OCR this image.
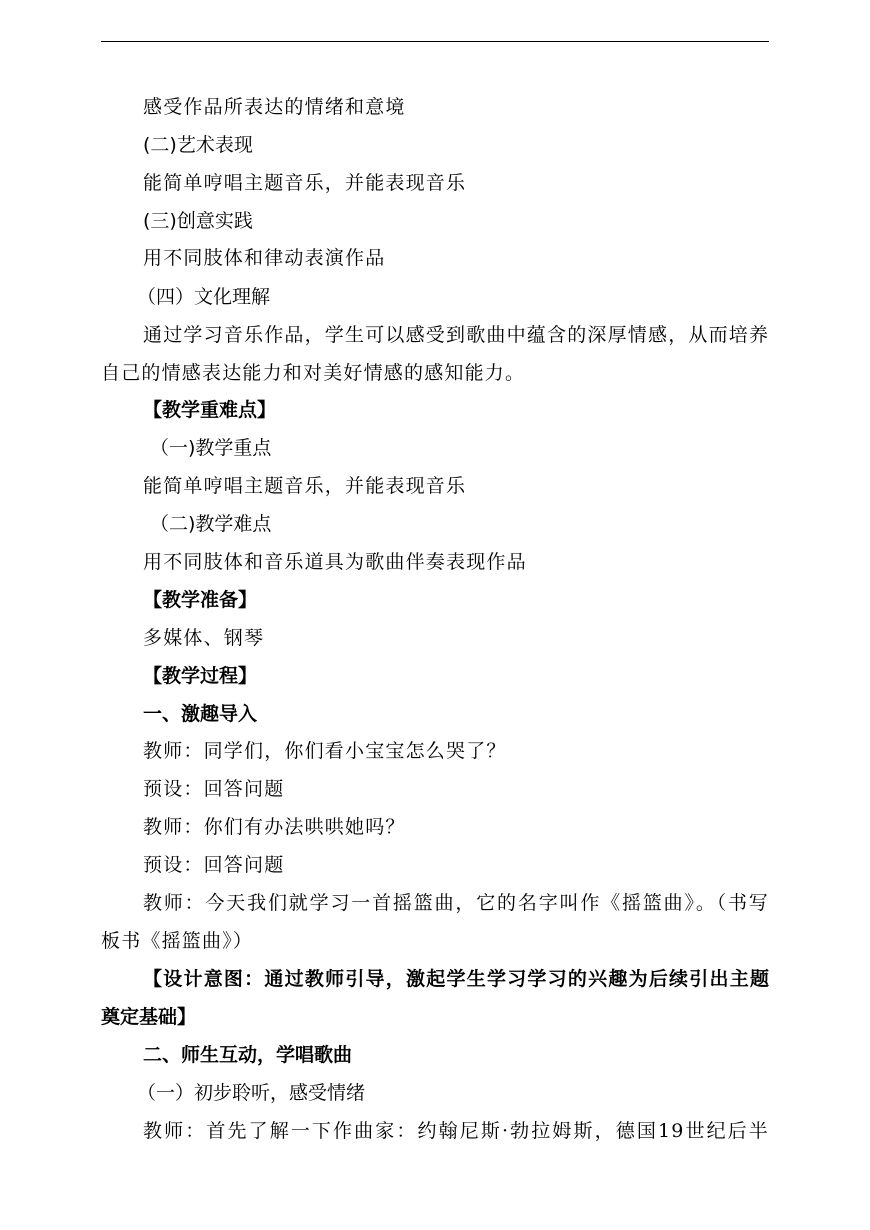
感受作品所表达的情绪和意境
(二)艺术表现
能简单哼唱主题音乐，并能表现音乐
(三)创意实践
用不同肢体和律动表演作品
（四）文化理解
通过学习音乐作品，学生可以感受到歌曲中蕴含的深厚情感，从而培养
自己的情感表达能力和对美好情感的感知能力。
【教学重难点】
（一)教学重点
能简单哼唱主题音乐，并能表现音乐
（二)教学难点
用不同肢体和音乐道具为歌曲伴奏表现作品
【教学准备】
多媒体、钢琴
【教学过程】
一、激趣导入
教师：同学们，你们看小宝宝怎么哭了？
预设：回答问题
教师：你们有办法哄哄她吗？
预设：回答问题
教师：今天我们就学习一首摇篮曲，它的名字叫作《摇篮曲》。（书写
板书《摇篮曲》）
【设计意图：通过教师引导，激起学生学习学习的兴趣为后续引出主题
奠定基础】
二、师生互动，学唱歌曲
（一）初步聆听，感受情绪
教师：首先了解一下作曲家：约翰尼斯·勃拉姆斯，德国19世纪后半
